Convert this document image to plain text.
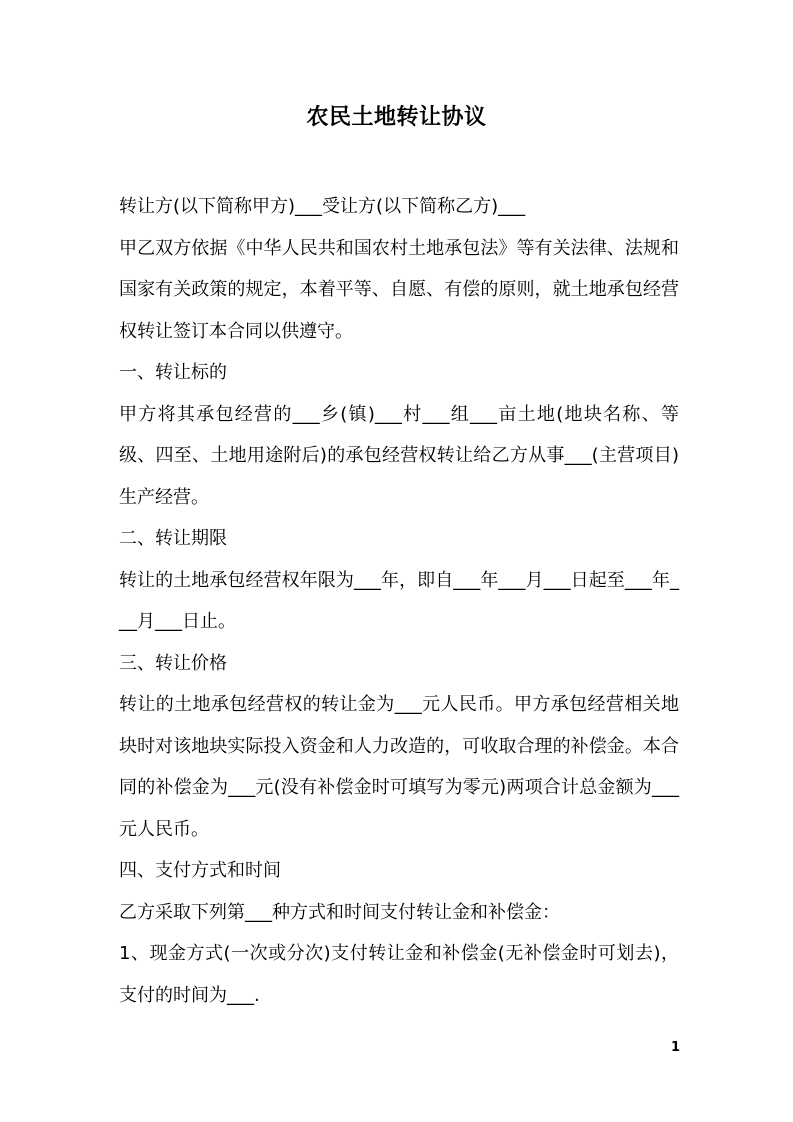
农民土地转让协议

转让方(以下简称甲方)___受让方(以下简称乙方)___

甲乙双方依据《中华人民共和国农村土地承包法》等有关法律、法规和国家有关政策的规定，本着平等、自愿、有偿的原则，就土地承包经营权转让签订本合同以供遵守。

一、转让标的

甲方将其承包经营的___乡(镇)___村___组___亩土地(地块名称、等级、四至、土地用途附后)的承包经营权转让给乙方从事___(主营项目)生产经营。

二、转让期限

转让的土地承包经营权年限为___年，即自___年___月___日起至___年___月___日止。

三、转让价格

转让的土地承包经营权的转让金为___元人民币。甲方承包经营相关地块时对该地块实际投入资金和人力改造的，可收取合理的补偿金。本合同的补偿金为___元(没有补偿金时可填写为零元)两项合计总金额为___元人民币。

四、支付方式和时间

乙方采取下列第___种方式和时间支付转让金和补偿金：

1、现金方式(一次或分次)支付转让金和补偿金(无补偿金时可划去)，支付的时间为___.

1
